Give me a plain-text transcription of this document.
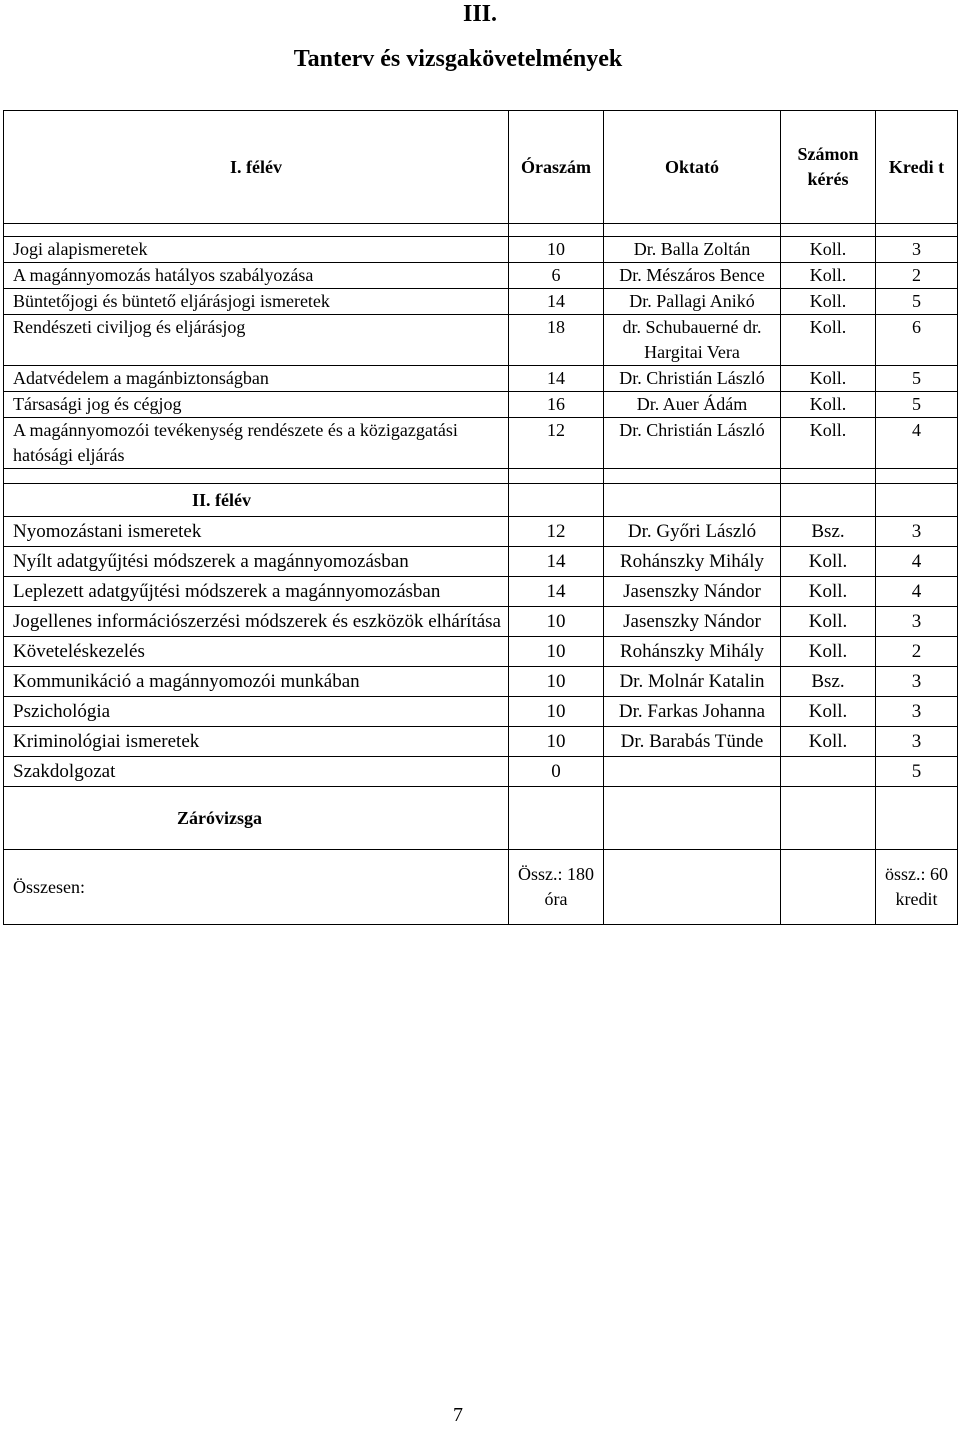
III.
Tanterv és vizsgakövetelmények
I. félév	Óraszám	Oktató	Számon kérés	Kredi t

Jogi alapismeretek	10	Dr. Balla Zoltán	Koll.	3
A magánnyomozás hatályos szabályozása	6	Dr. Mészáros Bence	Koll.	2
Büntetőjogi és büntető eljárásjogi ismeretek	14	Dr. Pallagi Anikó	Koll.	5
Rendészeti civiljog és eljárásjog	18	dr. Schubauerné dr. Hargitai Vera	Koll.	6
Adatvédelem a magánbiztonságban	14	Dr. Christián László	Koll.	5
Társasági jog és cégjog	16	Dr. Auer Ádám	Koll.	5
A magánnyomozói tevékenység rendészete és a közigazgatási hatósági eljárás	12	Dr. Christián László	Koll.	4

II. félév				
Nyomozástani ismeretek	12	Dr. Győri László	Bsz.	3
Nyílt adatgyűjtési módszerek a magánnyomozásban	14	Rohánszky Mihály	Koll.	4
Leplezett adatgyűjtési módszerek a magánnyomozásban	14	Jasenszky Nándor	Koll.	4
Jogellenes információszerzési módszerek és eszközök elhárítása	10	Jasenszky Nándor	Koll.	3
Követeléskezelés	10	Rohánszky Mihály	Koll.	2
Kommunikáció a magánnyomozói munkában	10	Dr. Molnár Katalin	Bsz.	3
Pszichológia	10	Dr. Farkas Johanna	Koll.	3
Kriminológiai ismeretek	10	Dr. Barabás Tünde	Koll.	3
Szakdolgozat	0			5
Záróvizsga				
Összesen:	Össz.: 180 óra			össz.: 60 kredit
7
